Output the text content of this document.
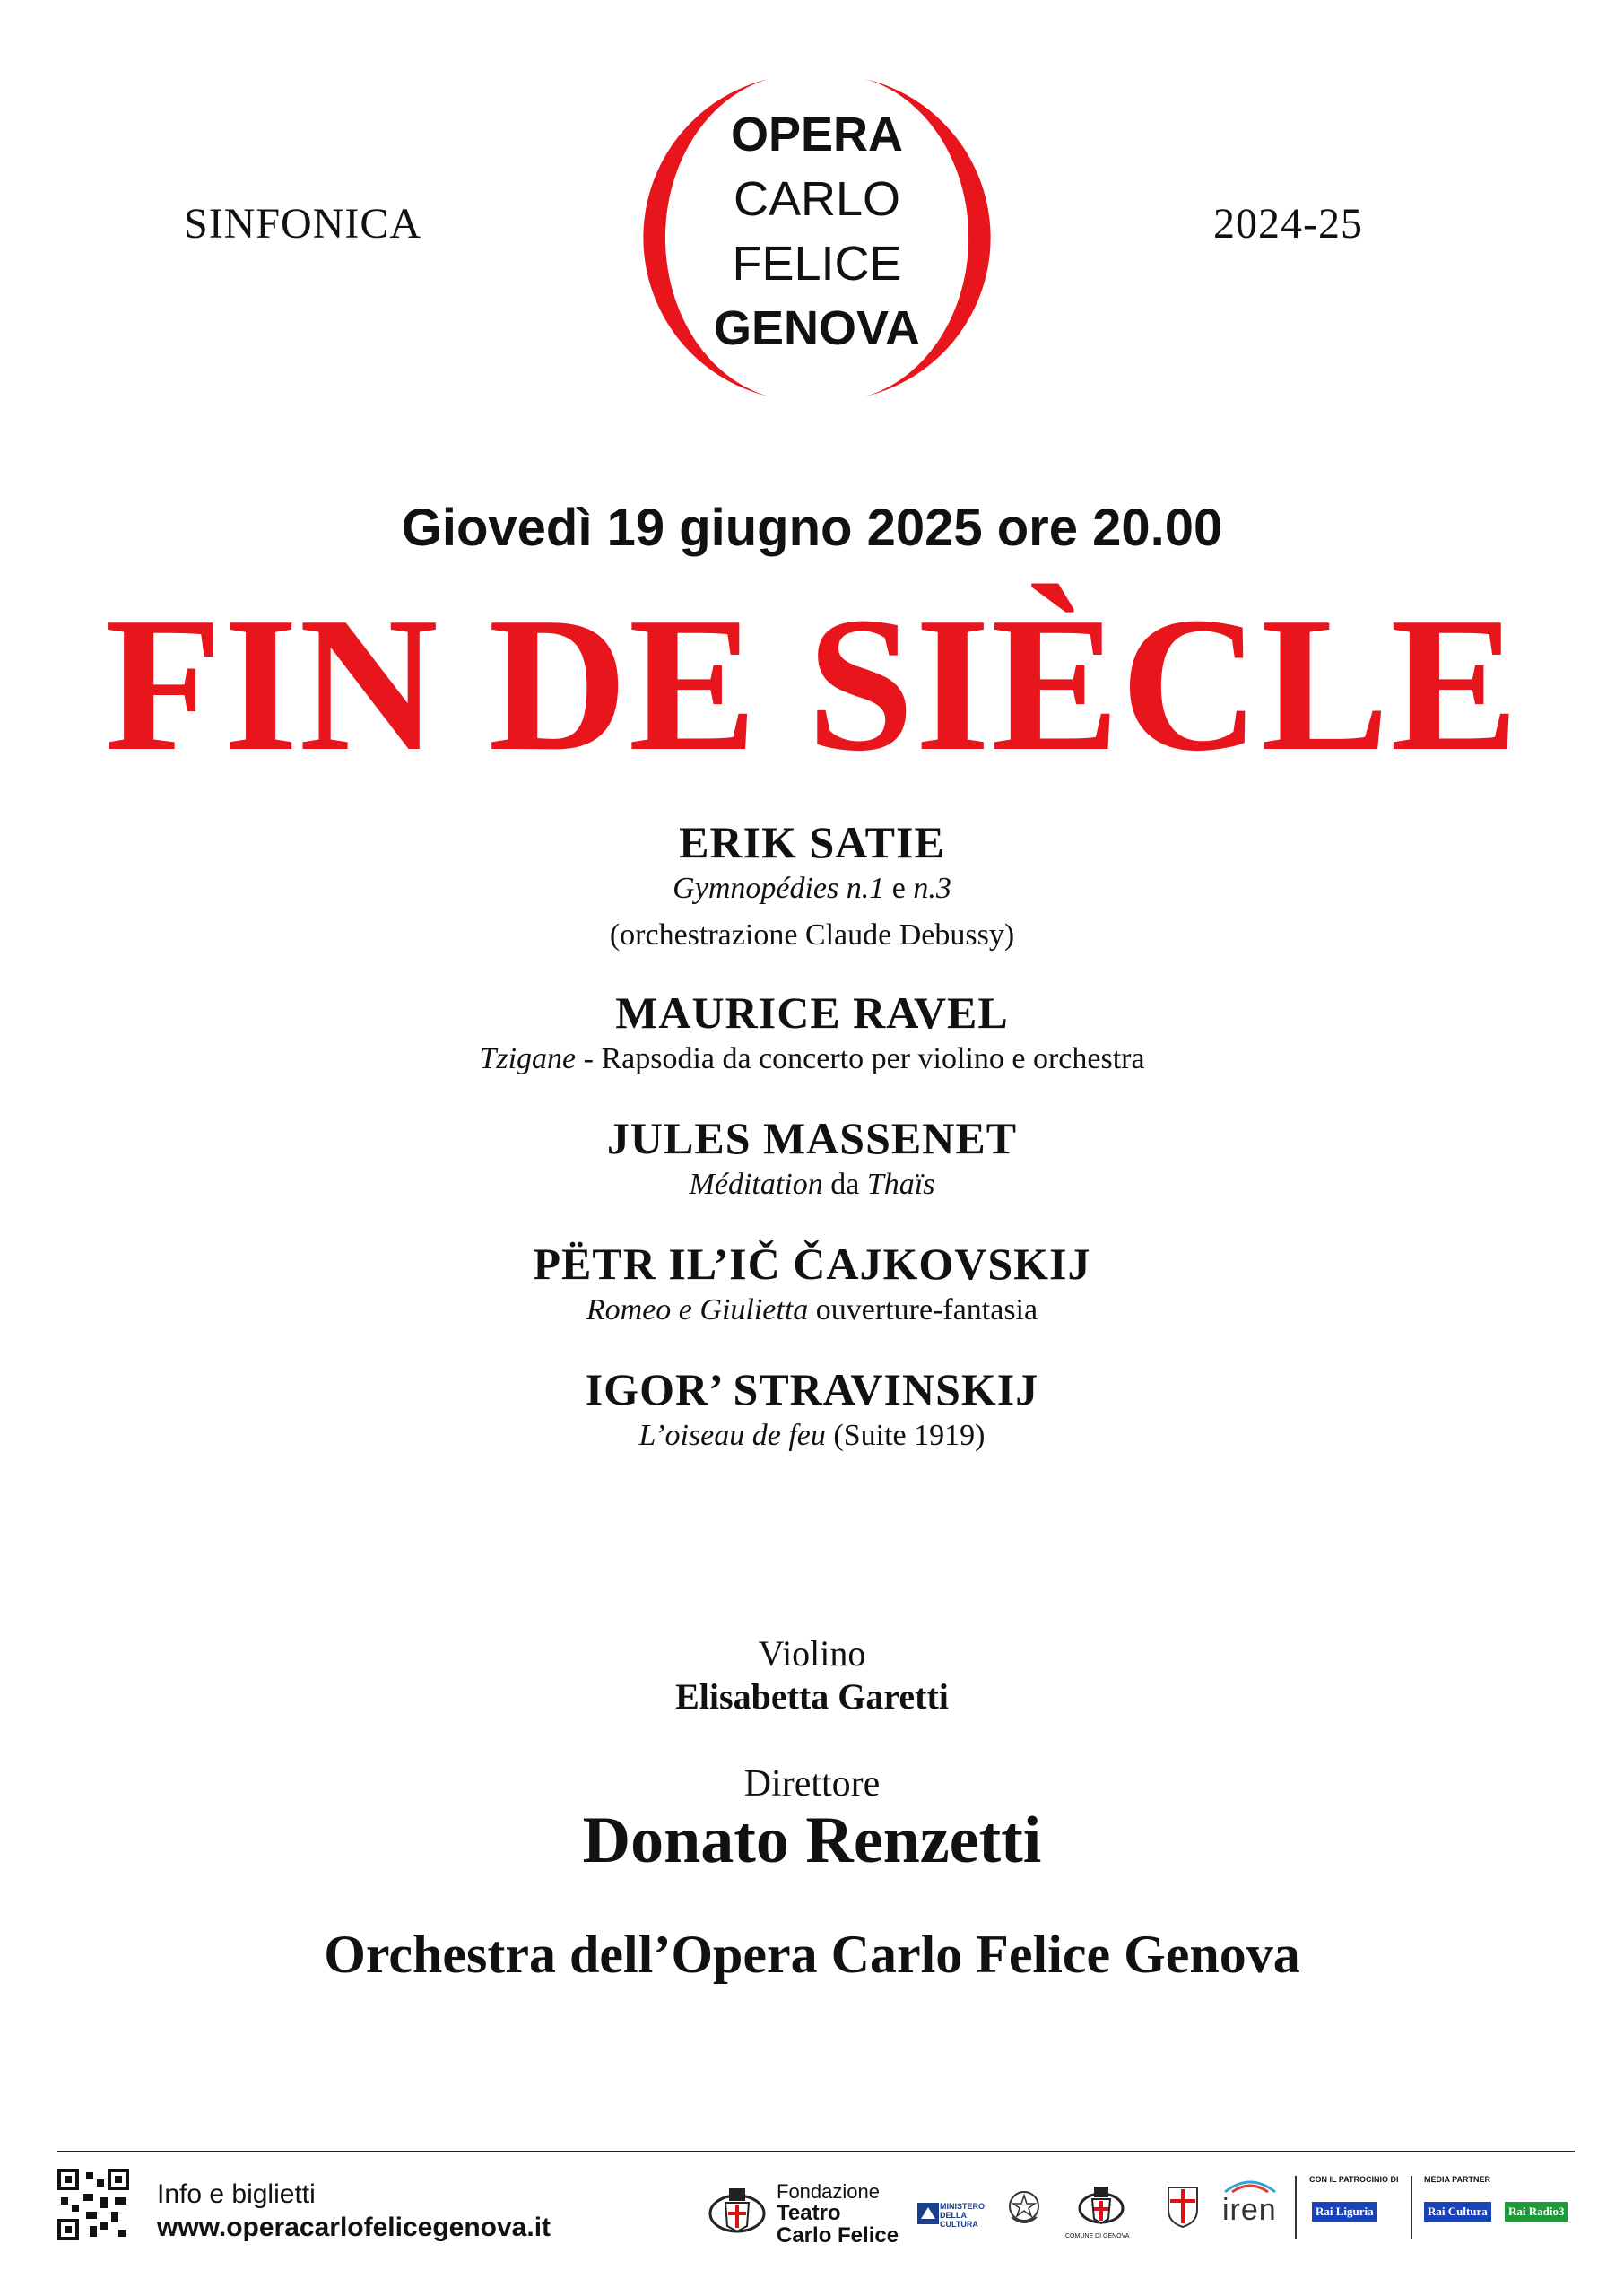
SINFONICA	2024-25
OPERA
CARLO
FELICE
GENOVA
Giovedì 19 giugno 2025 ore 20.00
FIN DE SIÈCLE
ERIK SATIE
Gymnopédies n.1 e n.3
(orchestrazione Claude Debussy)
MAURICE RAVEL
Tzigane - Rapsodia da concerto per violino e orchestra
JULES MASSENET
Méditation da Thaïs
PËTR IL’IČ ČAJKOVSKIJ
Romeo e Giulietta ouverture-fantasia
IGOR’ STRAVINSKIJ
L’oiseau de feu (Suite 1919)
Violino
Elisabetta Garetti
Direttore
Donato Renzetti
Orchestra dell’Opera Carlo Felice Genova
Info e biglietti
www.operacarlofelicegenova.it
Fondazione
Teatro
Carlo Felice
MINISTERO
DELLA
CULTURA
COMUNE DI GENOVA
iren
CON IL PATROCINIO DI
Rai Liguria
MEDIA PARTNER
Rai Cultura	Rai Radio3
